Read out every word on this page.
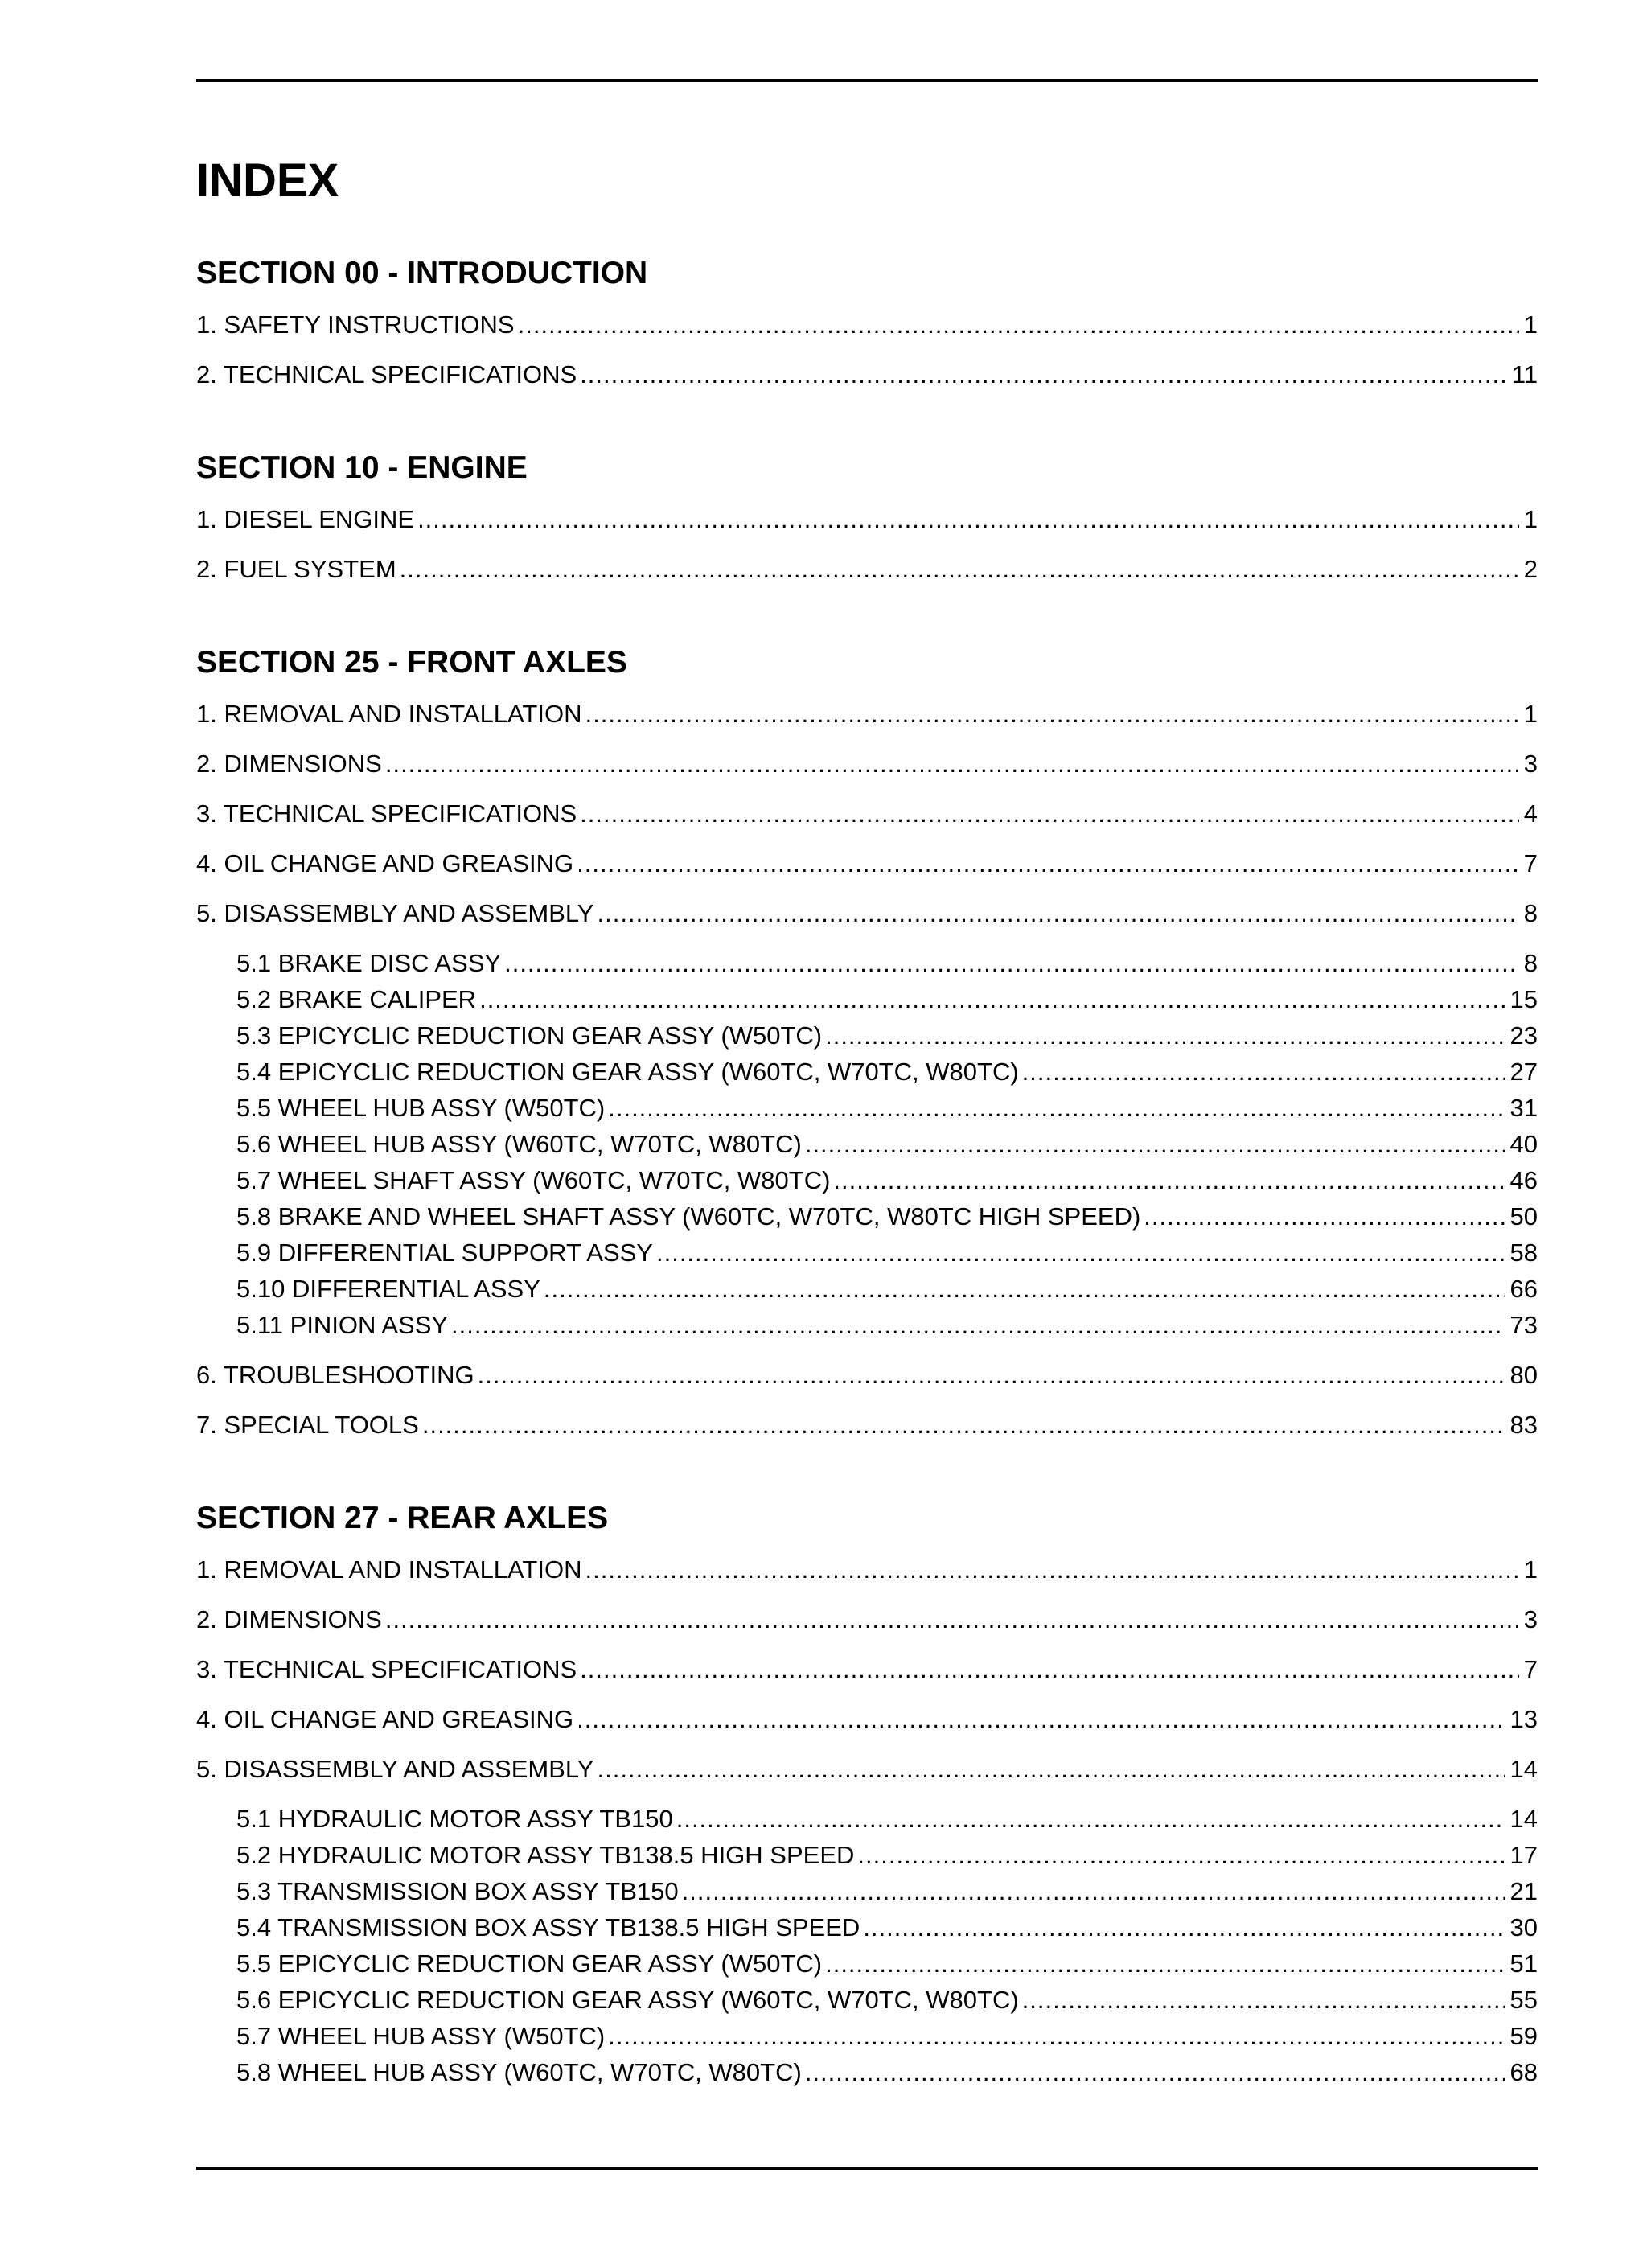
INDEX
SECTION 00 - INTRODUCTION
1. SAFETY INSTRUCTIONS .....	1
2. TECHNICAL SPECIFICATIONS .....	11
SECTION 10 - ENGINE
1. DIESEL ENGINE .....	1
2. FUEL SYSTEM .....	2
SECTION 25 - FRONT AXLES
1. REMOVAL AND INSTALLATION .....	1
2. DIMENSIONS .....	3
3. TECHNICAL SPECIFICATIONS .....	4
4. OIL CHANGE AND GREASING .....	7
5. DISASSEMBLY AND ASSEMBLY .....	8
5.1 BRAKE DISC ASSY .....	8
5.2 BRAKE CALIPER .....	15
5.3 EPICYCLIC REDUCTION GEAR ASSY (W50TC) .....	23
5.4 EPICYCLIC REDUCTION GEAR ASSY (W60TC, W70TC, W80TC) .....	27
5.5 WHEEL HUB ASSY (W50TC) .....	31
5.6 WHEEL HUB ASSY (W60TC, W70TC, W80TC) .....	40
5.7 WHEEL SHAFT ASSY (W60TC, W70TC, W80TC) .....	46
5.8 BRAKE AND WHEEL SHAFT ASSY (W60TC, W70TC, W80TC HIGH SPEED) .....	50
5.9 DIFFERENTIAL SUPPORT ASSY .....	58
5.10 DIFFERENTIAL ASSY .....	66
5.11 PINION ASSY .....	73
6. TROUBLESHOOTING .....	80
7. SPECIAL TOOLS .....	83
SECTION 27 - REAR AXLES
1. REMOVAL AND INSTALLATION .....	1
2. DIMENSIONS .....	3
3. TECHNICAL SPECIFICATIONS .....	7
4. OIL CHANGE AND GREASING .....	13
5. DISASSEMBLY AND ASSEMBLY .....	14
5.1 HYDRAULIC MOTOR ASSY TB150 .....	14
5.2 HYDRAULIC MOTOR ASSY TB138.5 HIGH SPEED .....	17
5.3 TRANSMISSION BOX ASSY TB150 .....	21
5.4 TRANSMISSION BOX ASSY TB138.5 HIGH SPEED .....	30
5.5 EPICYCLIC REDUCTION GEAR ASSY (W50TC) .....	51
5.6 EPICYCLIC REDUCTION GEAR ASSY (W60TC, W70TC, W80TC) .....	55
5.7 WHEEL HUB ASSY (W50TC) .....	59
5.8 WHEEL HUB ASSY (W60TC, W70TC, W80TC) .....	68
